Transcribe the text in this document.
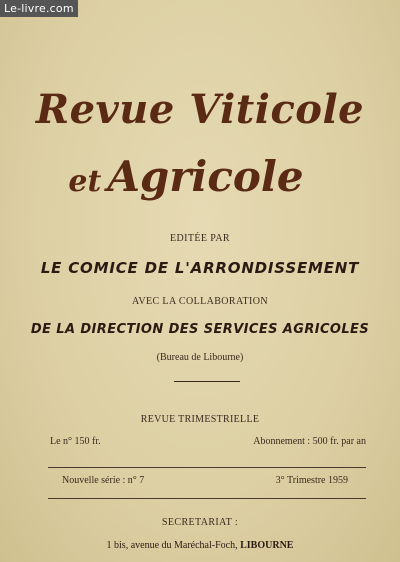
Le-livre.com
Revue Viticole
et Agricole
EDITÉE PAR
LE COMICE DE L'ARRONDISSEMENT
AVEC LA COLLABORATION
DE LA DIRECTION DES SERVICES AGRICOLES
(Bureau de Libourne)
REVUE TRIMESTRIELLE
Le n° 150 fr.	Abonnement : 500 fr. par an
Nouvelle série : n° 7	3° Trimestre 1959
SECRETARIAT :
1 bis, avenue du Maréchal-Foch, LIBOURNE
